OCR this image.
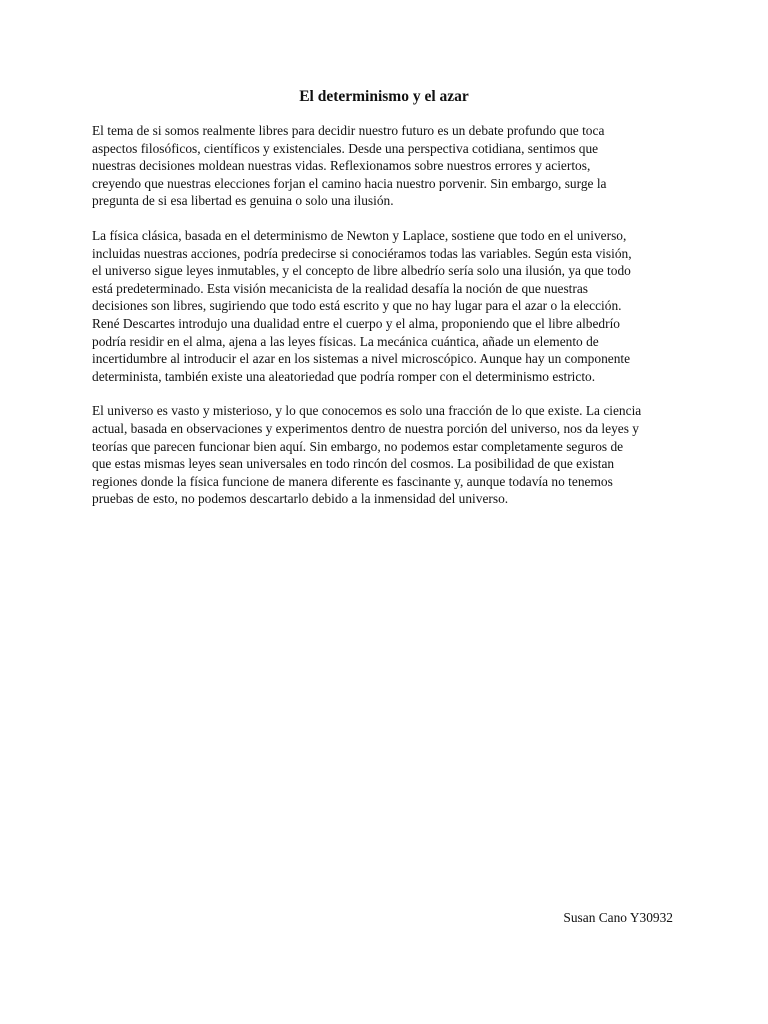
El determinismo y el azar

El tema de si somos realmente libres para decidir nuestro futuro es un debate profundo que toca
aspectos filosóficos, científicos y existenciales. Desde una perspectiva cotidiana, sentimos que
nuestras decisiones moldean nuestras vidas. Reflexionamos sobre nuestros errores y aciertos,
creyendo que nuestras elecciones forjan el camino hacia nuestro porvenir. Sin embargo, surge la
pregunta de si esa libertad es genuina o solo una ilusión.

La física clásica, basada en el determinismo de Newton y Laplace, sostiene que todo en el universo,
incluidas nuestras acciones, podría predecirse si conociéramos todas las variables. Según esta visión,
el universo sigue leyes inmutables, y el concepto de libre albedrío sería solo una ilusión, ya que todo
está predeterminado. Esta visión mecanicista de la realidad desafía la noción de que nuestras
decisiones son libres, sugiriendo que todo está escrito y que no hay lugar para el azar o la elección.
René Descartes introdujo una dualidad entre el cuerpo y el alma, proponiendo que el libre albedrío
podría residir en el alma, ajena a las leyes físicas. La mecánica cuántica, añade un elemento de
incertidumbre al introducir el azar en los sistemas a nivel microscópico. Aunque hay un componente
determinista, también existe una aleatoriedad que podría romper con el determinismo estricto.

El universo es vasto y misterioso, y lo que conocemos es solo una fracción de lo que existe. La ciencia
actual, basada en observaciones y experimentos dentro de nuestra porción del universo, nos da leyes y
teorías que parecen funcionar bien aquí. Sin embargo, no podemos estar completamente seguros de
que estas mismas leyes sean universales en todo rincón del cosmos. La posibilidad de que existan
regiones donde la física funcione de manera diferente es fascinante y, aunque todavía no tenemos
pruebas de esto, no podemos descartarlo debido a la inmensidad del universo.

Susan Cano Y30932
